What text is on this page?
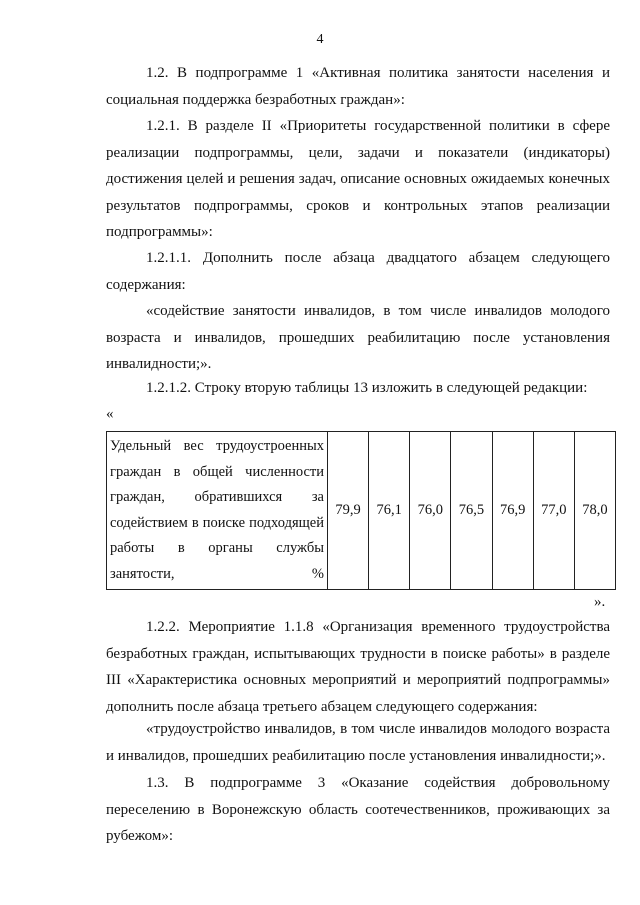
4

1.2. В подпрограмме 1 «Активная политика занятости населения и социальная поддержка безработных граждан»:

1.2.1. В разделе II «Приоритеты государственной политики в сфере реализации подпрограммы, цели, задачи и показатели (индикаторы) достижения целей и решения задач, описание основных ожидаемых конечных результатов подпрограммы, сроков и контрольных этапов реализации подпрограммы»:

1.2.1.1. Дополнить после абзаца двадцатого абзацем следующего содержания:

«содействие занятости инвалидов, в том числе инвалидов молодого возраста и инвалидов, прошедших реабилитацию после установления инвалидности;».

1.2.1.2. Строку вторую таблицы 13 изложить в следующей редакции:

«
Удельный вес трудоустроенных граждан в общей численности граждан, обратившихся за содействием в поиске подходящей работы в органы службы занятости, %	79,9	76,1	76,0	76,5	76,9	77,0	78,0
».

1.2.2. Мероприятие 1.1.8 «Организация временного трудоустройства безработных граждан, испытывающих трудности в поиске работы» в разделе III «Характеристика основных мероприятий и мероприятий подпрограммы» дополнить после абзаца третьего абзацем следующего содержания:

«трудоустройство инвалидов, в том числе инвалидов молодого возраста и инвалидов, прошедших реабилитацию после установления инвалидности;».

1.3. В подпрограмме 3 «Оказание содействия добровольному переселению в Воронежскую область соотечественников, проживающих за рубежом»:
